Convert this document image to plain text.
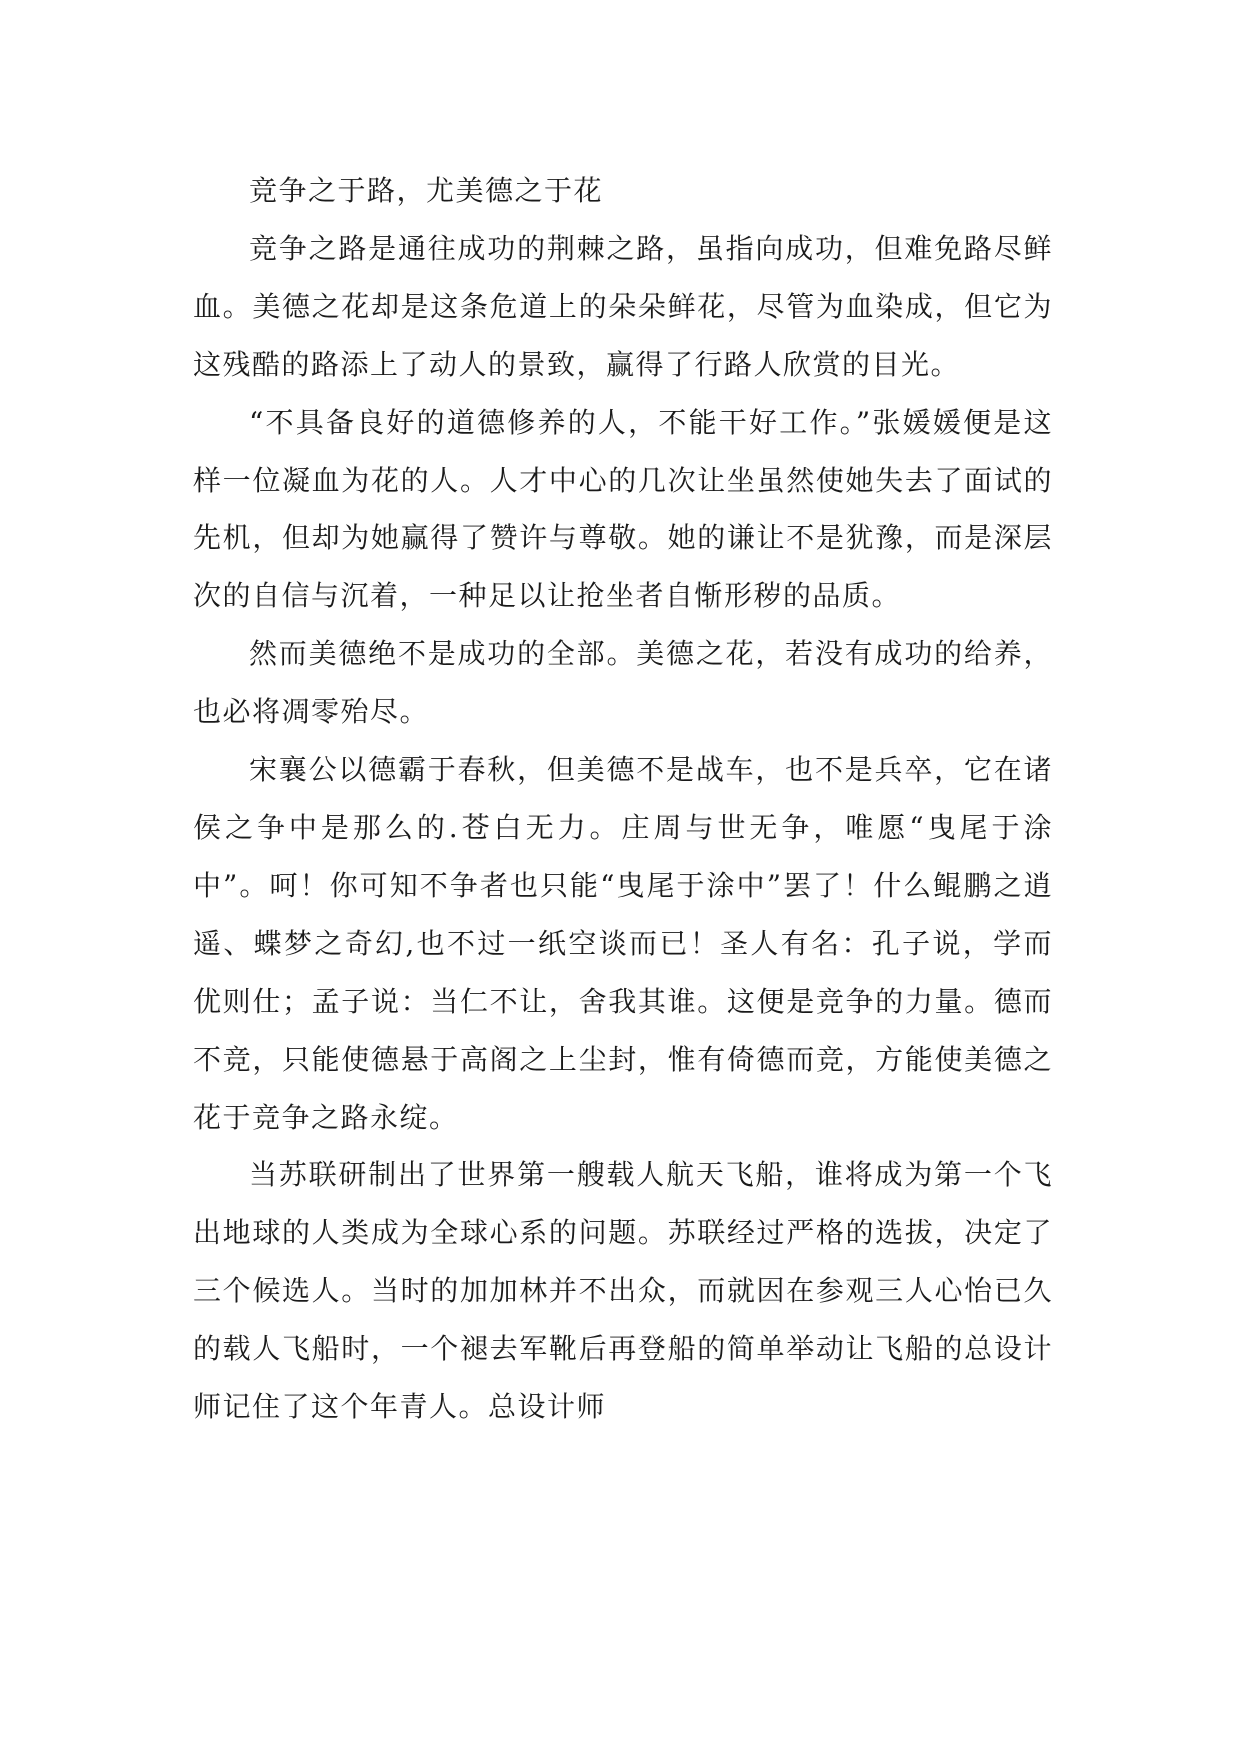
竞争之于路，尤美德之于花

竞争之路是通往成功的荆棘之路，虽指向成功，但难免路尽鲜血。美德之花却是这条危道上的朵朵鲜花，尽管为血染成，但它为这残酷的路添上了动人的景致，赢得了行路人欣赏的目光。

“不具备良好的道德修养的人，不能干好工作。”张媛媛便是这样一位凝血为花的人。人才中心的几次让坐虽然使她失去了面试的先机，但却为她赢得了赞许与尊敬。她的谦让不是犹豫，而是深层次的自信与沉着，一种足以让抢坐者自惭形秽的品质。

然而美德绝不是成功的全部。美德之花，若没有成功的给养，也必将凋零殆尽。

宋襄公以德霸于春秋，但美德不是战车，也不是兵卒，它在诸侯之争中是那么的.苍白无力。庄周与世无争，唯愿“曳尾于涂中”。呵！你可知不争者也只能“曳尾于涂中”罢了！什么鲲鹏之逍遥、蝶梦之奇幻,也不过一纸空谈而已！圣人有名：孔子说，学而优则仕；孟子说：当仁不让，舍我其谁。这便是竞争的力量。德而不竞，只能使德悬于高阁之上尘封，惟有倚德而竞，方能使美德之花于竞争之路永绽。

当苏联研制出了世界第一艘载人航天飞船，谁将成为第一个飞出地球的人类成为全球心系的问题。苏联经过严格的选拔，决定了三个候选人。当时的加加林并不出众，而就因在参观三人心怡已久的载人飞船时，一个褪去军靴后再登船的简单举动让飞船的总设计师记住了这个年青人。总设计师
